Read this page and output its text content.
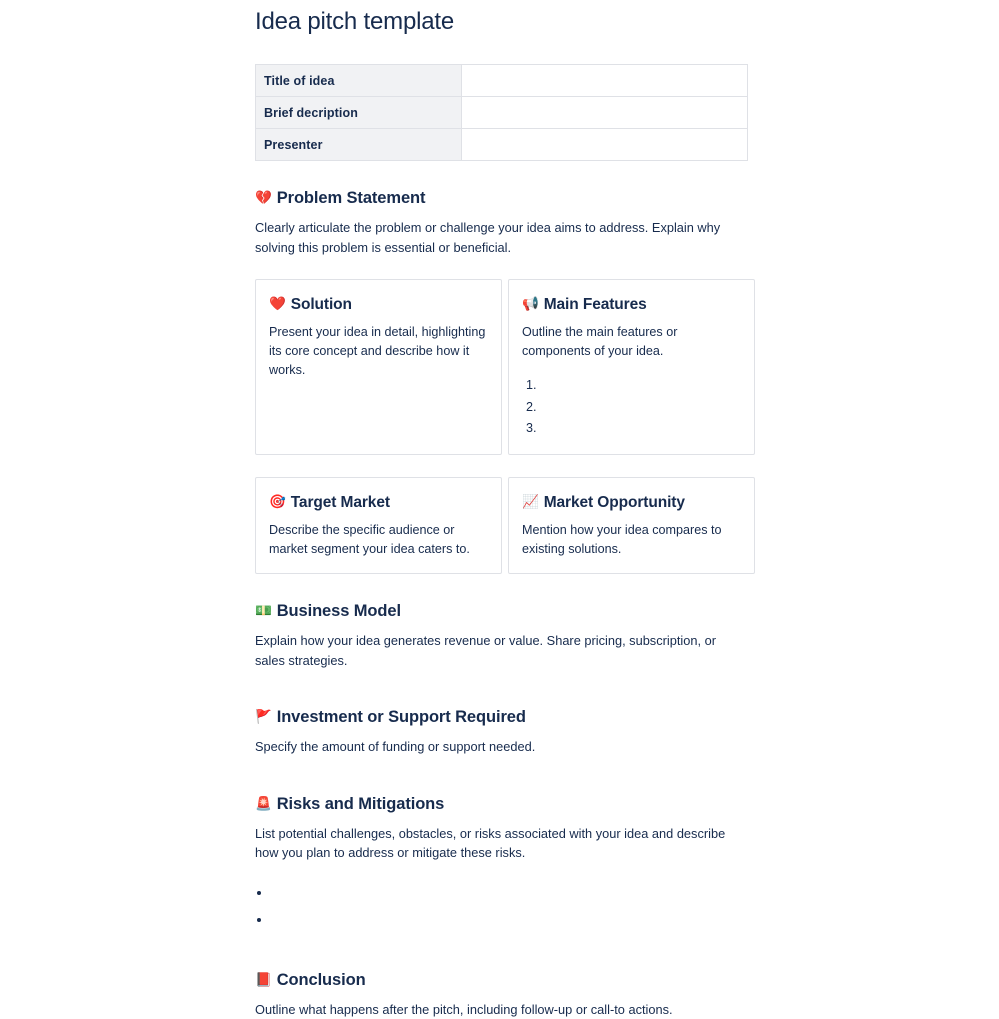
Idea pitch template
Title of idea	
Brief decription	
Presenter	
💔 Problem Statement

Clearly articulate the problem or challenge your idea aims to address. Explain why solving this problem is essential or beneficial.

❤️ Solution

Present your idea in detail, highlighting its core concept and describe how it works.

📢 Main Features

Outline the main features or components of your idea.

1.
2.
3.
🎯 Target Market

Describe the specific audience or market segment your idea caters to.

📈 Market Opportunity

Mention how your idea compares to existing solutions.

💵 Business Model

Explain how your idea generates revenue or value. Share pricing, subscription, or sales strategies.

🚩 Investment or Support Required

Specify the amount of funding or support needed.

🚨 Risks and Mitigations

List potential challenges, obstacles, or risks associated with your idea and describe how you plan to address or mitigate these risks.

•
•
📕 Conclusion

Outline what happens after the pitch, including follow-up or call-to actions.
